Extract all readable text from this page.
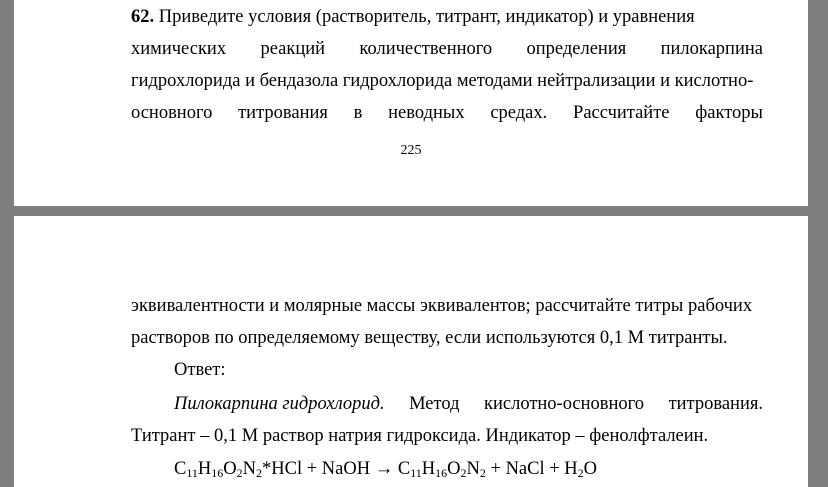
62. Приведите условия (растворитель, титрант, индикатор) и уравнения
химических реакций количественного определения пилокарпина
гидрохлорида и бендазола гидрохлорида методами нейтрализации и кислотно-
основного титрования в неводных средах. Рассчитайте факторы
225
эквивалентности и молярные массы эквивалентов; рассчитайте титры рабочих
растворов по определяемому веществу, если используются 0,1 М титранты.
Ответ:
Пилокарпина гидрохлорид. Метод кислотно-основного титрования.
Титрант – 0,1 М раствор натрия гидроксида. Индикатор – фенолфталеин.
$C_{11}H_{16}O_2N_2*HCl$ + NaOH → $C_{11}H_{16}O_2N_2$ + NaCl + $H_2O$
